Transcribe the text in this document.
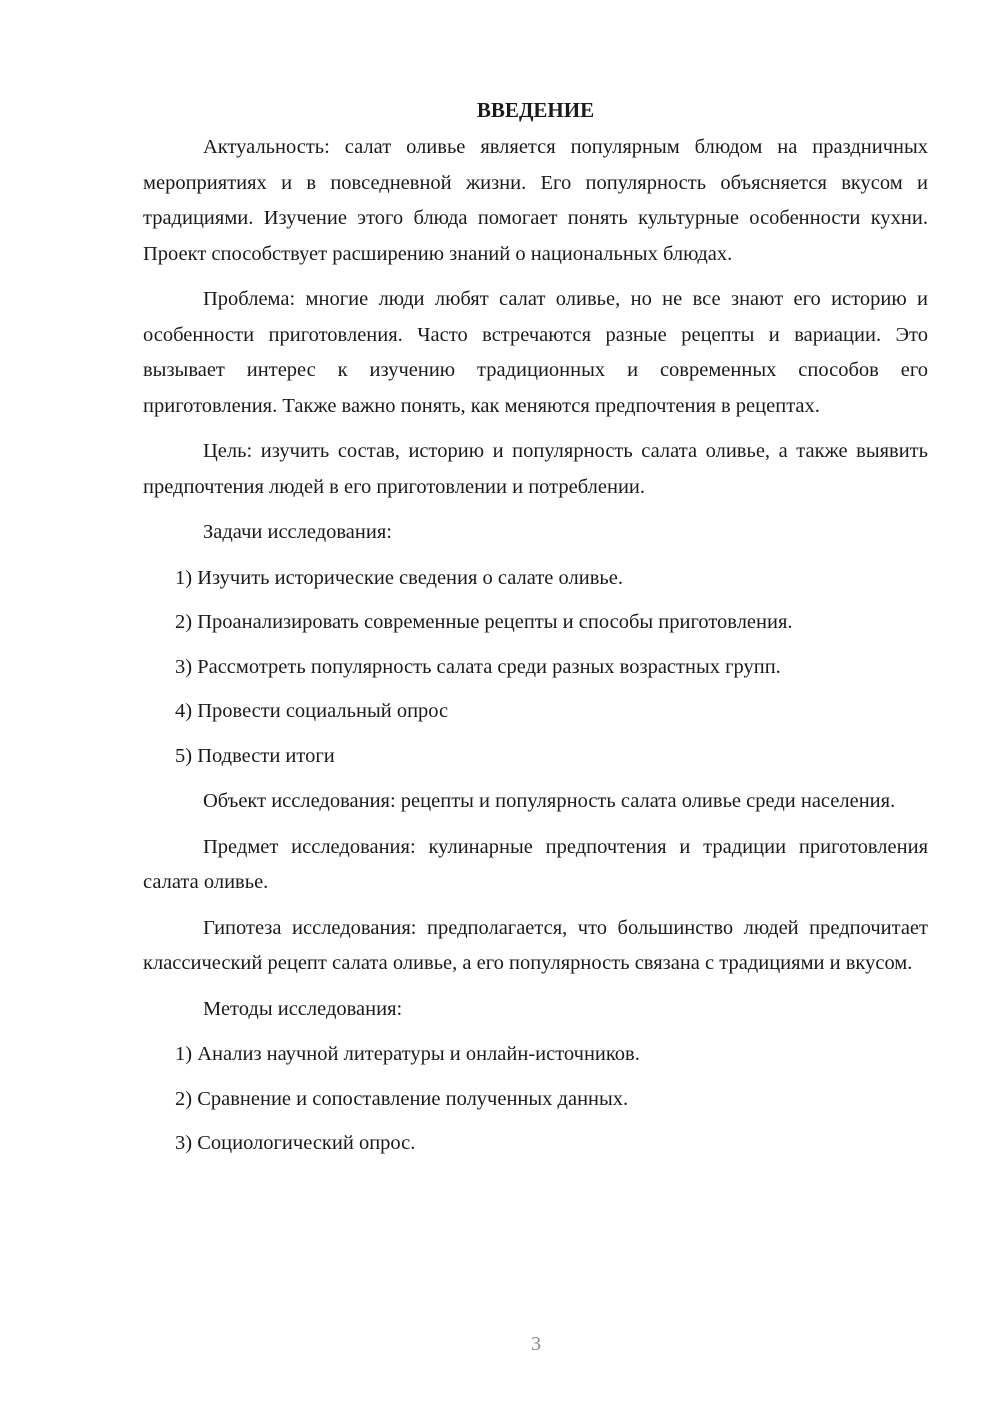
ВВЕДЕНИЕ

Актуальность: салат оливье является популярным блюдом на праздничных мероприятиях и в повседневной жизни. Его популярность объясняется вкусом и традициями. Изучение этого блюда помогает понять культурные особенности кухни. Проект способствует расширению знаний о национальных блюдах.

Проблема: многие люди любят салат оливье, но не все знают его историю и особенности приготовления. Часто встречаются разные рецепты и вариации. Это вызывает интерес к изучению традиционных и современных способов его приготовления. Также важно понять, как меняются предпочтения в рецептах.

Цель: изучить состав, историю и популярность салата оливье, а также выявить предпочтения людей в его приготовлении и потреблении.

Задачи исследования:
1) Изучить исторические сведения о салате оливье.
2) Проанализировать современные рецепты и способы приготовления.
3) Рассмотреть популярность салата среди разных возрастных групп.
4) Провести социальный опрос
5) Подвести итоги

Объект исследования: рецепты и популярность салата оливье среди населения.

Предмет исследования: кулинарные предпочтения и традиции приготовления салата оливье.

Гипотеза исследования: предполагается, что большинство людей предпочитает классический рецепт салата оливье, а его популярность связана с традициями и вкусом.

Методы исследования:
1) Анализ научной литературы и онлайн-источников.
2) Сравнение и сопоставление полученных данных.
3) Социологический опрос.
3
